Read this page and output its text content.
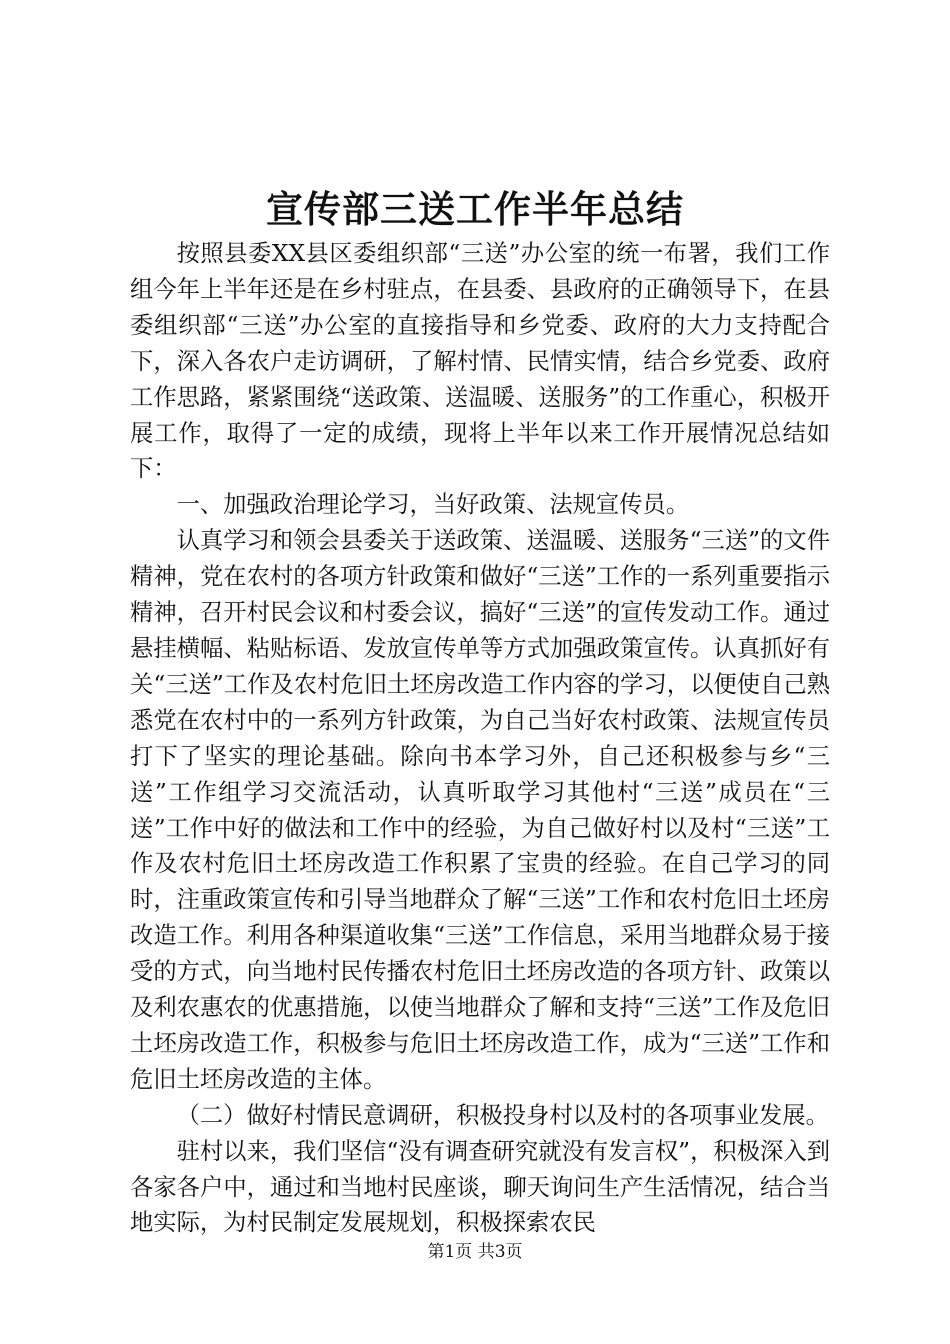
宣传部三送工作半年总结

按照县委XX县区委组织部“三送”办公室的统一布署，我们工作组今年上半年还是在乡村驻点，在县委、县政府的正确领导下，在县委组织部“三送”办公室的直接指导和乡党委、政府的大力支持配合下，深入各农户走访调研，了解村情、民情实情，结合乡党委、政府工作思路，紧紧围绕“送政策、送温暖、送服务”的工作重心，积极开展工作，取得了一定的成绩，现将上半年以来工作开展情况总结如下：

一、加强政治理论学习，当好政策、法规宣传员。

认真学习和领会县委关于送政策、送温暖、送服务“三送”的文件精神，党在农村的各项方针政策和做好“三送”工作的一系列重要指示精神，召开村民会议和村委会议，搞好“三送”的宣传发动工作。通过悬挂横幅、粘贴标语、发放宣传单等方式加强政策宣传。认真抓好有关“三送”工作及农村危旧土坯房改造工作内容的学习，以便使自己熟悉党在农村中的一系列方针政策，为自己当好农村政策、法规宣传员打下了坚实的理论基础。除向书本学习外，自己还积极参与乡“三送”工作组学习交流活动，认真听取学习其他村“三送”成员在“三送”工作中好的做法和工作中的经验，为自己做好村以及村“三送”工作及农村危旧土坯房改造工作积累了宝贵的经验。在自己学习的同时，注重政策宣传和引导当地群众了解“三送”工作和农村危旧土坯房改造工作。利用各种渠道收集“三送”工作信息，采用当地群众易于接受的方式，向当地村民传播农村危旧土坯房改造的各项方针、政策以及利农惠农的优惠措施，以使当地群众了解和支持“三送”工作及危旧土坯房改造工作，积极参与危旧土坯房改造工作，成为“三送”工作和危旧土坯房改造的主体。

（二）做好村情民意调研，积极投身村以及村的各项事业发展。

驻村以来，我们坚信“没有调查研究就没有发言权”，积极深入到各家各户中，通过和当地村民座谈，聊天询问生产生活情况，结合当地实际，为村民制定发展规划，积极探索农民

第1页 共3页
